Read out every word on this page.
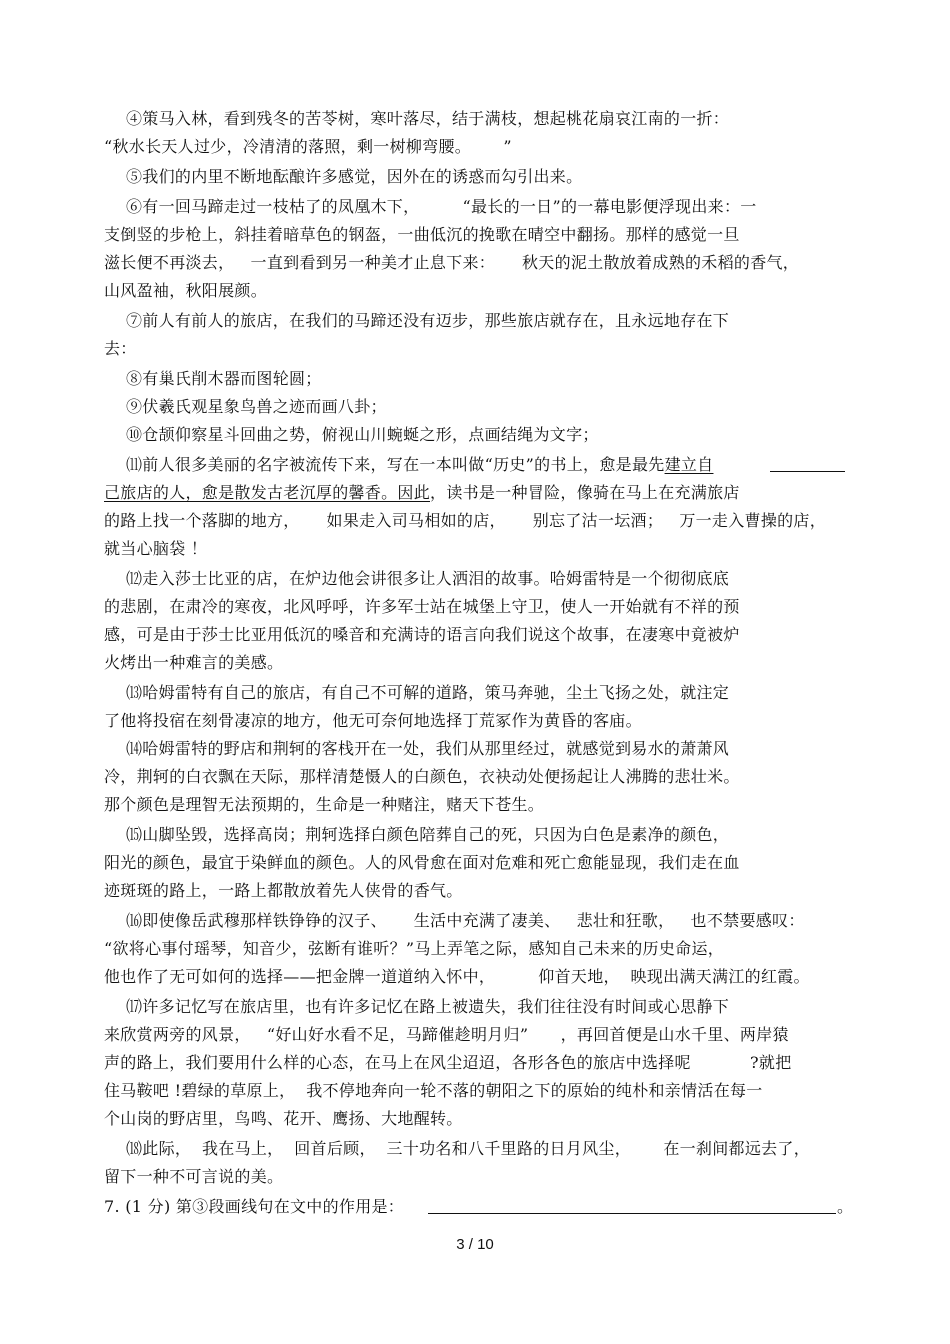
④策马入林，看到残冬的苦苓树，寒叶落尽，结于满枝，想起桃花扇哀江南的一折：
“秋水长天人过少，冷清清的落照，剩一树柳弯腰。      ”
⑤我们的内里不断地酝酿许多感觉，因外在的诱惑而勾引出来。
⑥有一回马蹄走过一枝枯了的凤凰木下，        “最长的一日”的一幕电影便浮现出来：一
支倒竖的步枪上，斜挂着暗草色的钢盔，一曲低沉的挽歌在晴空中翻扬。那样的感觉一旦
滋长便不再淡去，   一直到看到另一种美才止息下来：     秋天的泥土散放着成熟的禾稻的香气，
山风盈袖，秋阳展颜。
⑦前人有前人的旅店，在我们的马蹄还没有迈步，那些旅店就存在，且永远地存在下
去：
⑧有巢氏削木器而图轮圆；
⑨伏羲氏观星象鸟兽之迹而画八卦；
⑩仓颉仰察星斗回曲之势，俯视山川蜿蜒之形，点画结绳为文字；
⑾前人很多美丽的名字被流传下来，写在一本叫做“历史”的书上，愈是最先建立自
己旅店的人，愈是散发古老沉厚的馨香。因此，读书是一种冒险，像骑在马上在充满旅店
的路上找一个落脚的地方，     如果走入司马相如的店，     别忘了沽一坛酒；   万一走入曹操的店，
就当心脑袋 ！
⑿走入莎士比亚的店，在炉边他会讲很多让人洒泪的故事。哈姆雷特是一个彻彻底底
的悲剧，在肃冷的寒夜，北风呼呼，许多军士站在城堡上守卫，使人一开始就有不祥的预
感，可是由于莎士比亚用低沉的嗓音和充满诗的语言向我们说这个故事，在凄寒中竟被炉
火烤出一种难言的美感。
⒀哈姆雷特有自己的旅店，有自己不可解的道路，策马奔驰，尘土飞扬之处，就注定
了他将投宿在刻骨凄凉的地方，他无可奈何地选择丁荒冢作为黄昏的客庙。
⒁哈姆雷特的野店和荆轲的客栈开在一处，我们从那里经过，就感觉到易水的萧萧风
冷，荆轲的白衣飘在天际，那样清楚慑人的白颜色，衣袂动处便扬起让人沸腾的悲壮米。
那个颜色是理智无法预期的，生命是一种赌注，赌天下苍生。
⒂山脚坠毁，选择高岗；荆轲选择白颜色陪葬自己的死，只因为白色是素净的颜色，
阳光的颜色，最宜于染鲜血的颜色。人的风骨愈在面对危难和死亡愈能显现，我们走在血
迹斑斑的路上，一路上都散放着先人侠骨的香气。
⒃即使像岳武穆那样铁铮铮的汉子、     生活中充满了凄美、   悲壮和狂歌，   也不禁要感叹：
“欲将心事付瑶琴，知音少，弦断有谁听？”马上弄笔之际，感知自己未来的历史命运，
他也作了无可如何的选择——把金牌一道道纳入怀中，        仰首天地，  映现出满天满江的红霞。
⒄许多记忆写在旅店里，也有许多记忆在路上被遗失，我们往往没有时间或心思静下
来欣赏两旁的风景，   “好山好水看不足，马蹄催趁明月归”      ，再回首便是山水千里、两岸猿
声的路上，我们要用什么样的心态，在马上在风尘迢迢，各形各色的旅店中选择呢           ?就把
住马鞍吧 !碧绿的草原上，  我不停地奔向一轮不落的朝阳之下的原始的纯朴和亲情活在每一
个山岗的野店里，鸟鸣、花开、鹰扬、大地醒转。
⒅此际，  我在马上，  回首后顾，  三十功名和八千里路的日月风尘，      在一刹间都远去了，
留下一种不可言说的美。
7. (1 分) 第③段画线句在文中的作用是：	。
3 / 10
